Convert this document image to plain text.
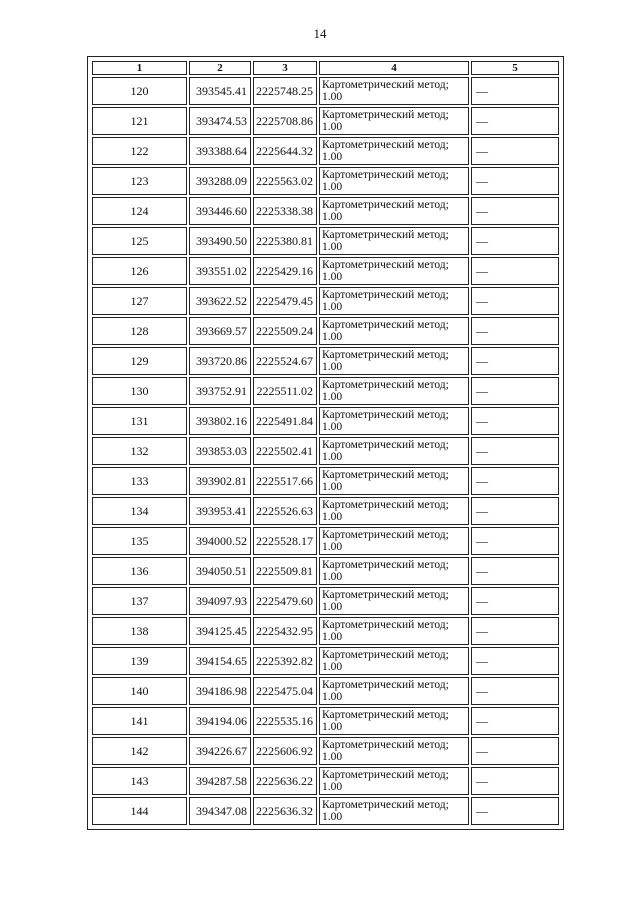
14
1	2	3	4	5
120	393545.41	2225748.25	Картометрический метод; 1.00	—
121	393474.53	2225708.86	Картометрический метод; 1.00	—
122	393388.64	2225644.32	Картометрический метод; 1.00	—
123	393288.09	2225563.02	Картометрический метод; 1.00	—
124	393446.60	2225338.38	Картометрический метод; 1.00	—
125	393490.50	2225380.81	Картометрический метод; 1.00	—
126	393551.02	2225429.16	Картометрический метод; 1.00	—
127	393622.52	2225479.45	Картометрический метод; 1.00	—
128	393669.57	2225509.24	Картометрический метод; 1.00	—
129	393720.86	2225524.67	Картометрический метод; 1.00	—
130	393752.91	2225511.02	Картометрический метод; 1.00	—
131	393802.16	2225491.84	Картометрический метод; 1.00	—
132	393853.03	2225502.41	Картометрический метод; 1.00	—
133	393902.81	2225517.66	Картометрический метод; 1.00	—
134	393953.41	2225526.63	Картометрический метод; 1.00	—
135	394000.52	2225528.17	Картометрический метод; 1.00	—
136	394050.51	2225509.81	Картометрический метод; 1.00	—
137	394097.93	2225479.60	Картометрический метод; 1.00	—
138	394125.45	2225432.95	Картометрический метод; 1.00	—
139	394154.65	2225392.82	Картометрический метод; 1.00	—
140	394186.98	2225475.04	Картометрический метод; 1.00	—
141	394194.06	2225535.16	Картометрический метод; 1.00	—
142	394226.67	2225606.92	Картометрический метод; 1.00	—
143	394287.58	2225636.22	Картометрический метод; 1.00	—
144	394347.08	2225636.32	Картометрический метод; 1.00	—
